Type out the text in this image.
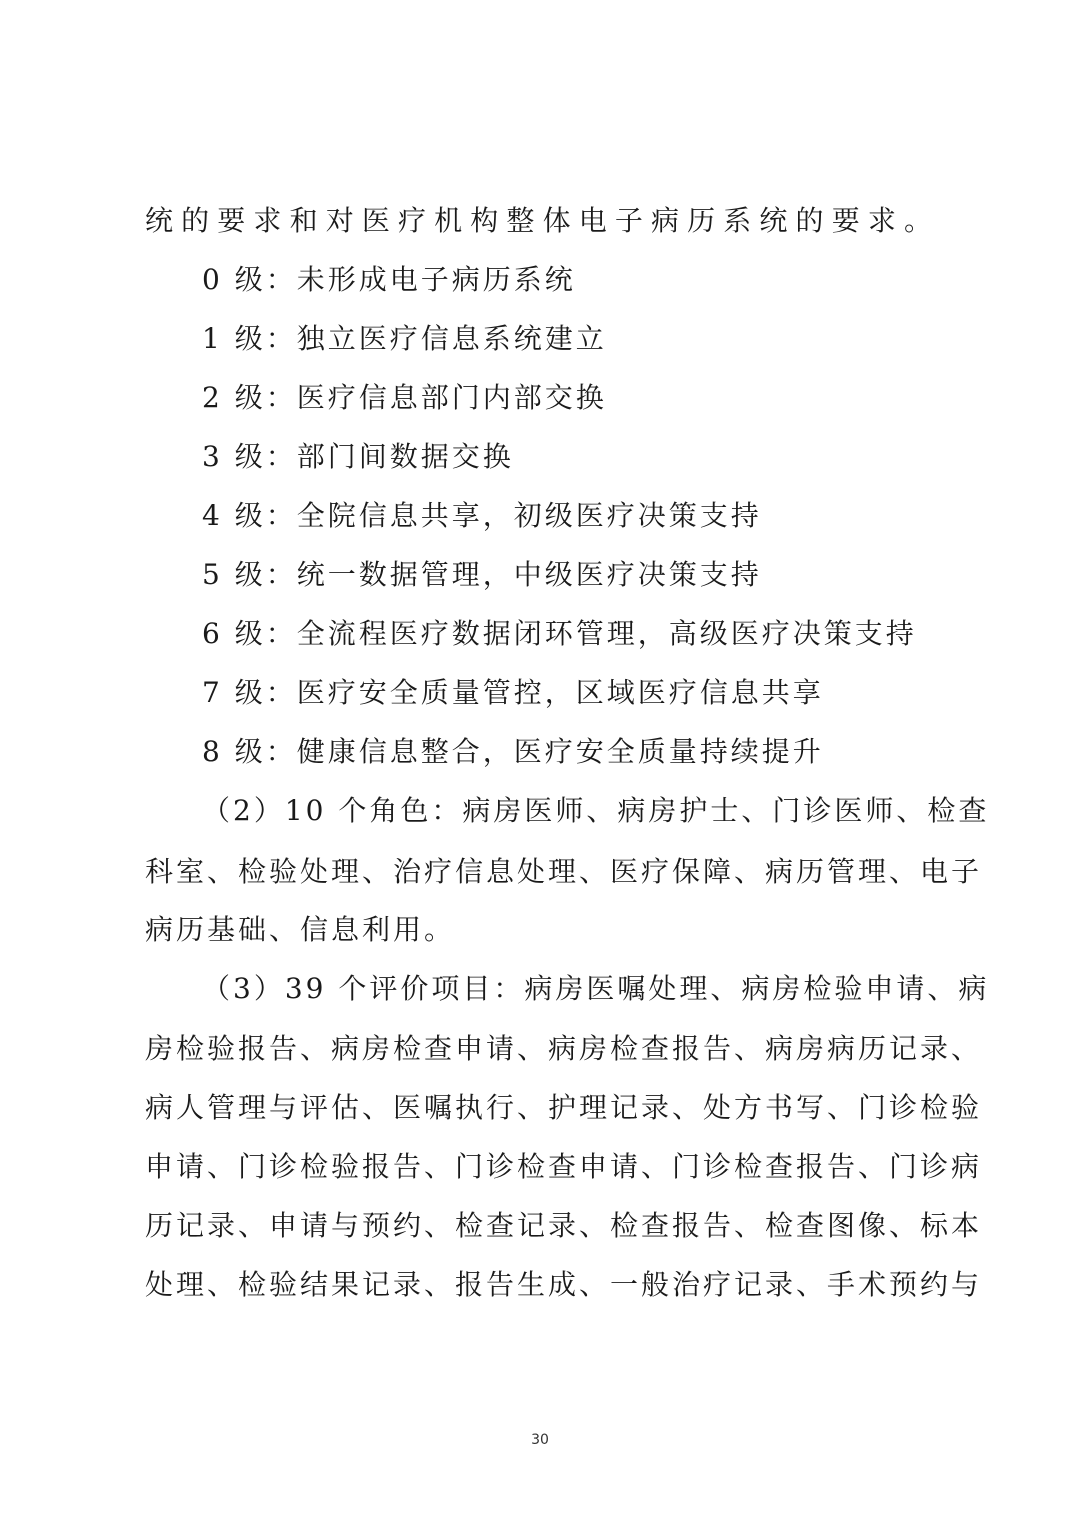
统的要求和对医疗机构整体电子病历系统的要求。
0 级：未形成电子病历系统
1 级：独立医疗信息系统建立
2 级：医疗信息部门内部交换
3 级：部门间数据交换
4 级：全院信息共享，初级医疗决策支持
5 级：统一数据管理，中级医疗决策支持
6 级：全流程医疗数据闭环管理，高级医疗决策支持
7 级：医疗安全质量管控，区域医疗信息共享
8 级：健康信息整合，医疗安全质量持续提升
（2）10 个角色：病房医师、病房护士、门诊医师、检查
科室、检验处理、治疗信息处理、医疗保障、病历管理、电子
病历基础、信息利用。
（3）39 个评价项目：病房医嘱处理、病房检验申请、病
房检验报告、病房检查申请、病房检查报告、病房病历记录、
病人管理与评估、医嘱执行、护理记录、处方书写、门诊检验
申请、门诊检验报告、门诊检查申请、门诊检查报告、门诊病
历记录、申请与预约、检查记录、检查报告、检查图像、标本
处理、检验结果记录、报告生成、一般治疗记录、手术预约与
30
